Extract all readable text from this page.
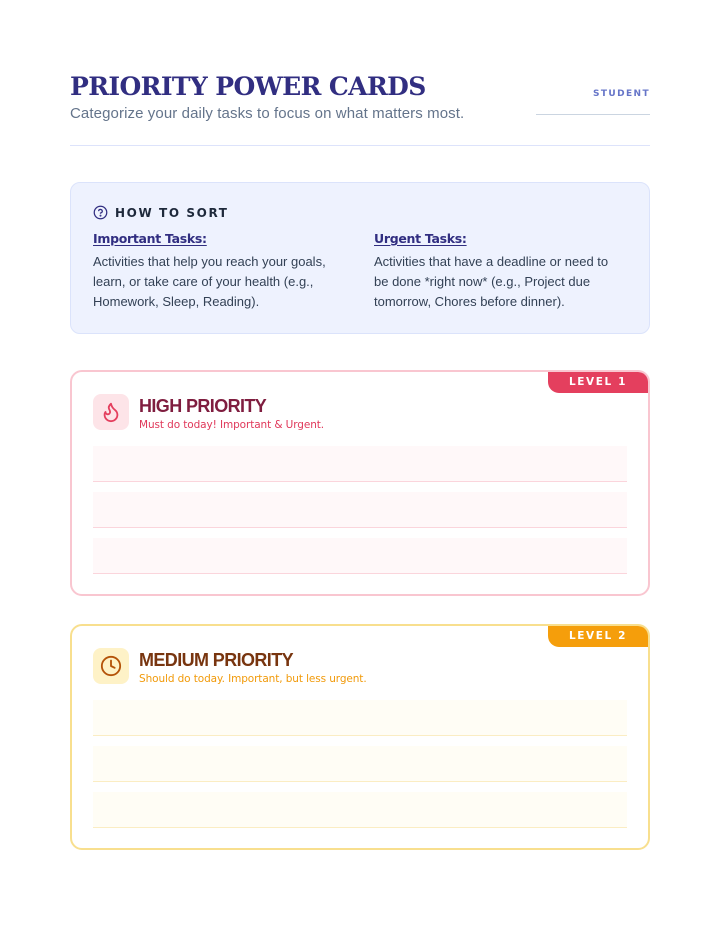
PRIORITY POWER CARDS
Categorize your daily tasks to focus on what matters most.
STUDENT
HOW TO SORT
Important Tasks:
Activities that help you reach your goals, learn, or take care of your health (e.g., Homework, Sleep, Reading).
Urgent Tasks:
Activities that have a deadline or need to be done *right now* (e.g., Project due tomorrow, Chores before dinner).
LEVEL 1
HIGH PRIORITY
Must do today! Important & Urgent.
LEVEL 2
MEDIUM PRIORITY
Should do today. Important, but less urgent.
